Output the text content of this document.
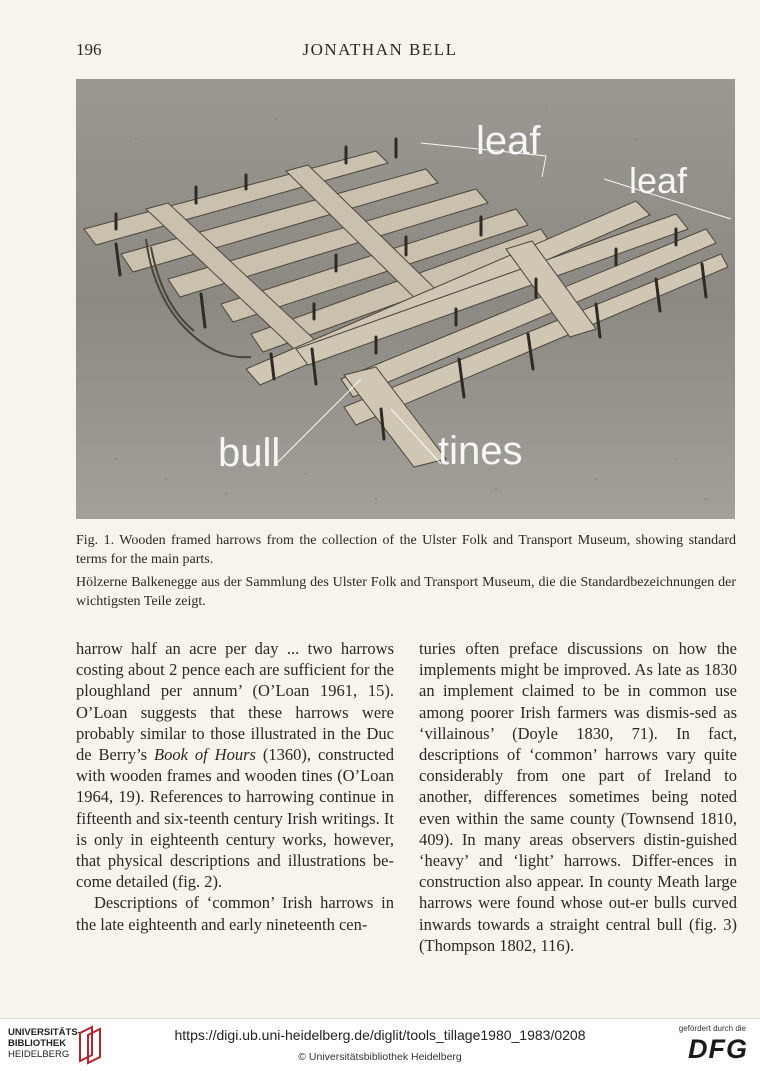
196	JONATHAN BELL
leaf
leaf
bull	tines
Fig. 1. Wooden framed harrows from the collection of the Ulster Folk and Transport Museum, showing standard terms for the main parts.
Hölzerne Balkenegge aus der Sammlung des Ulster Folk and Transport Museum, die die Standardbezeichnungen der wichtigsten Teile zeigt.

harrow half an acre per day ... two harrows costing about 2 pence each are sufficient for the ploughland per annum’ (O’Loan 1961, 15). O’Loan suggests that these harrows were probably similar to those illustrated in the Duc de Berry’s Book of Hours (1360), constructed with wooden frames and wooden tines (O’Loan 1964, 19). References to harrowing continue in fifteenth and six-teenth century Irish writings. It is only in eighteenth century works, however, that physical descriptions and illustrations be-come detailed (fig. 2).

Descriptions of ‘common’ Irish harrows in the late eighteenth and early nineteenth cen-

turies often preface discussions on how the implements might be improved. As late as 1830 an implement claimed to be in common use among poorer Irish farmers was dismis-sed as ‘villainous’ (Doyle 1830, 71). In fact, descriptions of ‘common’ harrows vary quite considerably from one part of Ireland to another, differences sometimes being noted even within the same county (Townsend 1810, 409). In many areas observers distin-guished ‘heavy’ and ‘light’ harrows. Differ-ences in construction also appear. In county Meath large harrows were found whose out-er bulls curved inwards towards a straight central bull (fig. 3) (Thompson 1802, 116).

UNIVERSITÄTS-
BIBLIOTHEK
HEIDELBERG
https://digi.ub.uni-heidelberg.de/diglit/tools_tillage1980_1983/0208
© Universitätsbibliothek Heidelberg
gefördert durch die
DFG
